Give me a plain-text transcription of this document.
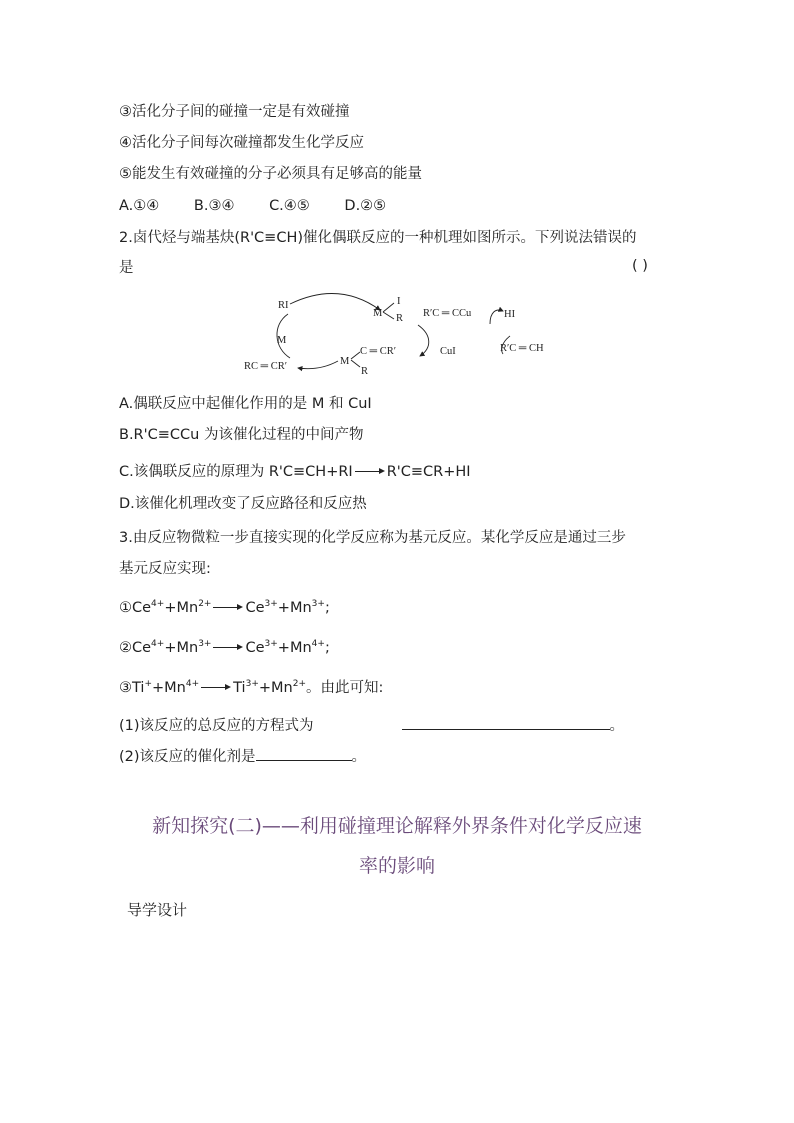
③活化分子间的碰撞一定是有效碰撞
④活化分子间每次碰撞都发生化学反应
⑤能发生有效碰撞的分子必须具有足够高的能量
A.①④ B.③④ C.④⑤ D.②⑤
2.卤代烃与端基炔(R'C≡CH)催化偶联反应的一种机理如图所示。下列说法错误的
是	( )
RI
M
I
R R′C ═ CCu	HI
M
CuI	R′C ═ CH
RC ═ CR′	M
C ═ CR′
R
A.偶联反应中起催化作用的是 M 和 CuI
B.R'C≡CCu 为该催化过程的中间产物
C.该偶联反应的原理为 R'C≡CH+RI R'C≡CR+HI
D.该催化机理改变了反应路径和反应热
3.由反应物微粒一步直接实现的化学反应称为基元反应。某化学反应是通过三步
基元反应实现:
$①Ce^{4+}+Mn^{2+}$ $Ce^{3+}+Mn^{3+}$;
$②Ce^{4+}+Mn^{3+}$ $Ce^{3+}+Mn^{4+}$;
$③Ti^++Mn^{4+}$ $Ti^{3+}+Mn^{2+}$。由此可知:
(1)该反应的总反应的方程式为	。
(2)该反应的催化剂是	。
新知探究(二)——利用碰撞理论解释外界条件对化学反应速
率的影响
导学设计
